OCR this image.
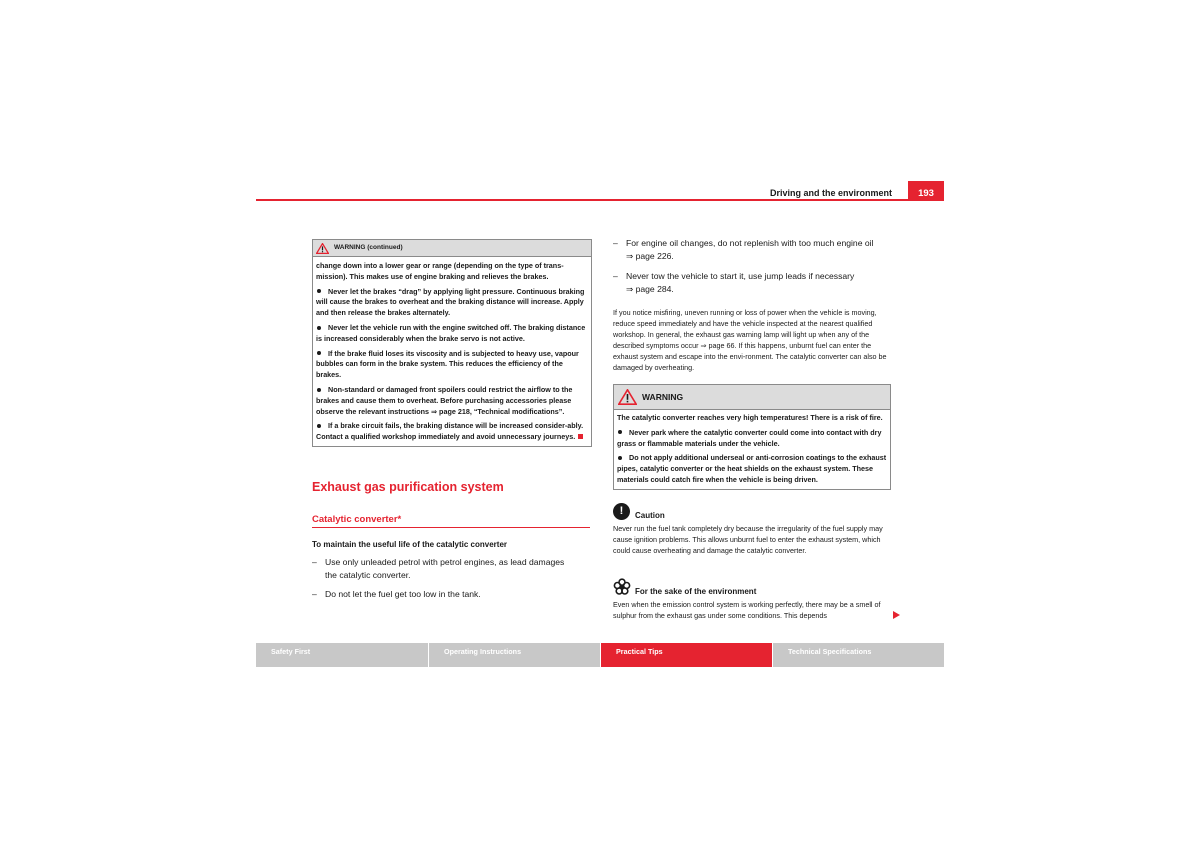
Driving and the environment	193
WARNING (continued)

change down into a lower gear or range (depending on the type of trans-mission). This makes use of engine braking and relieves the brakes.

Never let the brakes “drag” by applying light pressure. Continuous braking will cause the brakes to overheat and the braking distance will increase. Apply and then release the brakes alternately.

Never let the vehicle run with the engine switched off. The braking distance is increased considerably when the brake servo is not active.

If the brake fluid loses its viscosity and is subjected to heavy use, vapour bubbles can form in the brake system. This reduces the efficiency of the brakes.

Non-standard or damaged front spoilers could restrict the airflow to the brakes and cause them to overheat. Before purchasing accessories please observe the relevant instructions ⇒ page 218, “Technical modifications”.

If a brake circuit fails, the braking distance will be increased consider-ably. Contact a qualified workshop immediately and avoid unnecessary journeys.

Exhaust gas purification system
Catalytic converter*
To maintain the useful life of the catalytic converter
– Use only unleaded petrol with petrol engines, as lead damages
the catalytic converter.
– Do not let the fuel get too low in the tank.
– For engine oil changes, do not replenish with too much engine oil
⇒ page 226.
– Never tow the vehicle to start it, use jump leads if necessary
⇒ page 284.
If you notice misfiring, uneven running or loss of power when the vehicle is moving, reduce speed immediately and have the vehicle inspected at the nearest qualified workshop. In general, the exhaust gas warning lamp will light up when any of the described symptoms occur ⇒ page 66. If this happens, unburnt fuel can enter the exhaust system and escape into the envi-ronment. The catalytic converter can also be damaged by overheating.
WARNING

The catalytic converter reaches very high temperatures! There is a risk of fire.

Never park where the catalytic converter could come into contact with dry grass or flammable materials under the vehicle.

Do not apply additional underseal or anti-corrosion coatings to the exhaust pipes, catalytic converter or the heat shields on the exhaust system. These materials could catch fire when the vehicle is being driven.

!	Caution
Never run the fuel tank completely dry because the irregularity of the fuel supply may cause ignition problems. This allows unburnt fuel to enter the exhaust system, which could cause overheating and damage the catalytic converter.
For the sake of the environment
Even when the emission control system is working perfectly, there may be a smell of sulphur from the exhaust gas under some conditions. This depends
Safety First	Operating Instructions	Practical Tips	Technical Specifications
